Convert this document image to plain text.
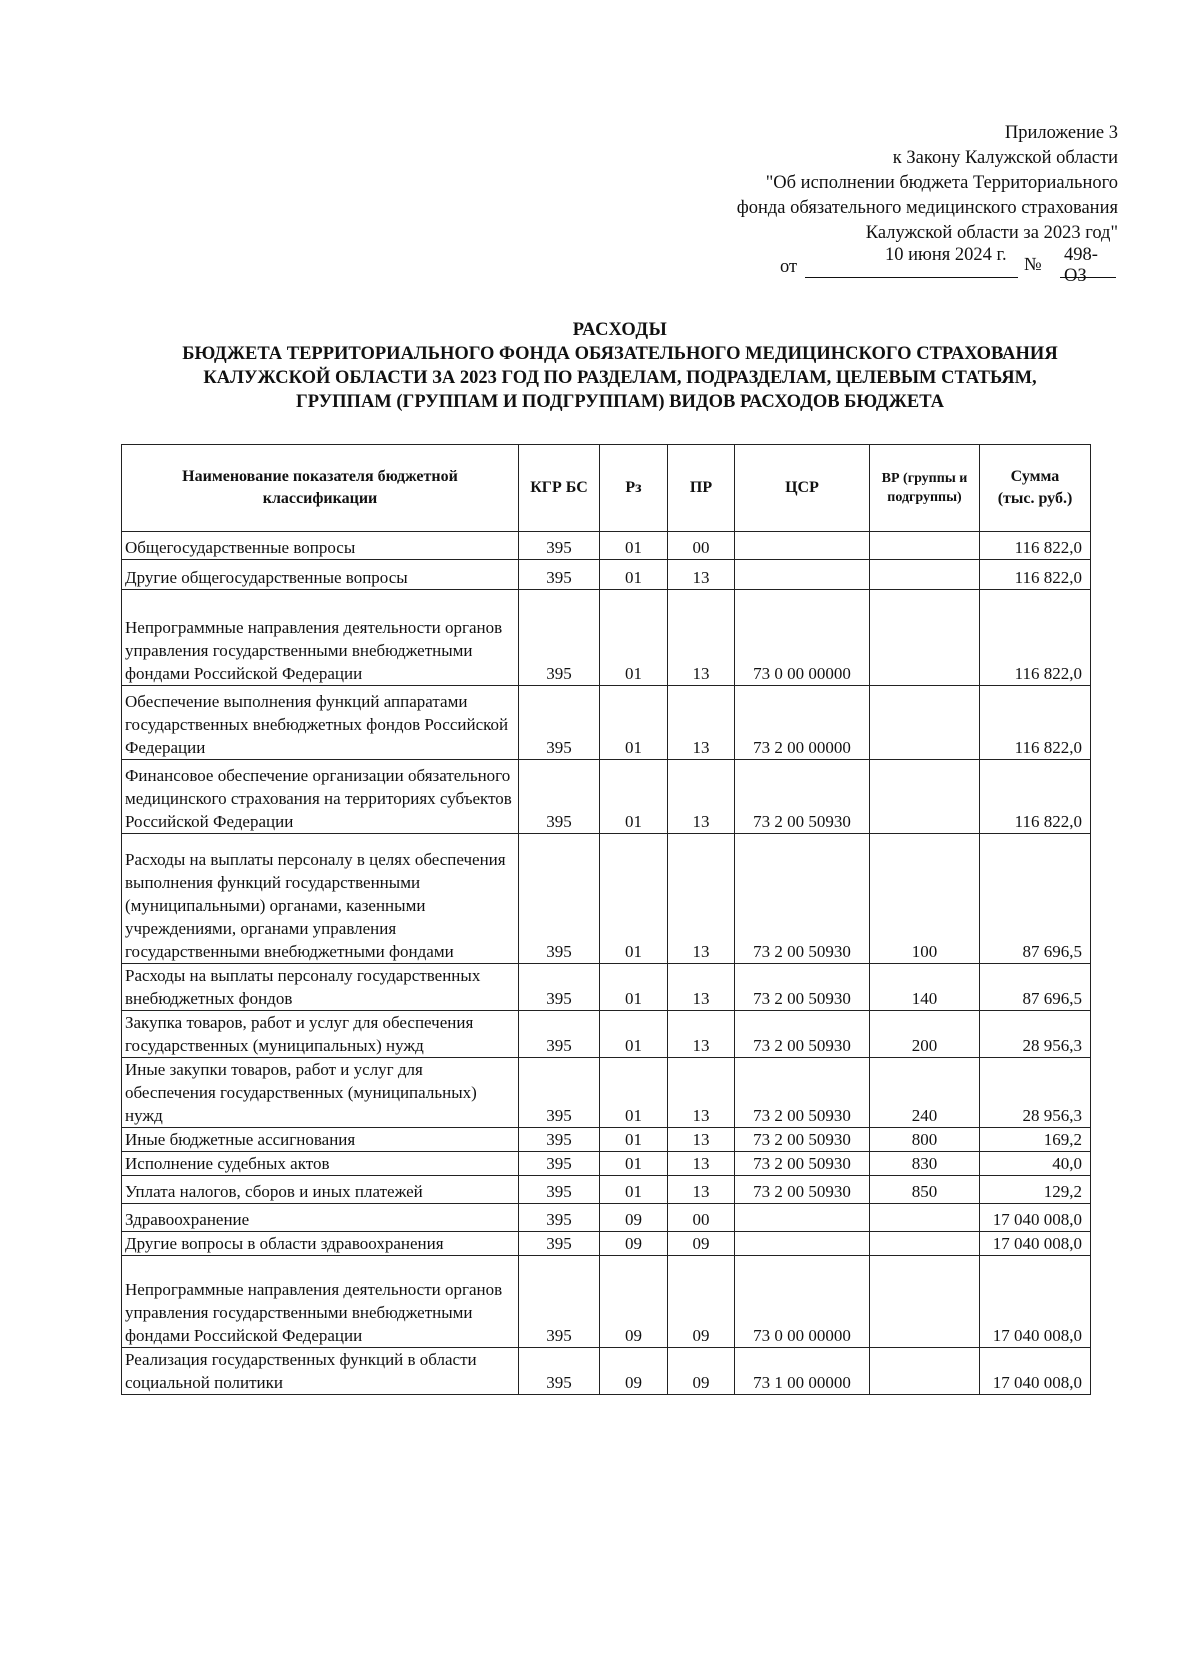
Приложение 3
к Закону Калужской области
"Об исполнении бюджета Территориального
фонда обязательного медицинского страхования
Калужской области за 2023 год"
от
10 июня 2024 г. № 498-ОЗ
РАСХОДЫ
БЮДЖЕТА ТЕРРИТОРИАЛЬНОГО ФОНДА ОБЯЗАТЕЛЬНОГО МЕДИЦИНСКОГО СТРАХОВАНИЯ
КАЛУЖСКОЙ ОБЛАСТИ ЗА 2023 ГОД ПО РАЗДЕЛАМ, ПОДРАЗДЕЛАМ, ЦЕЛЕВЫМ СТАТЬЯМ,
ГРУППАМ (ГРУППАМ И ПОДГРУППАМ) ВИДОВ РАСХОДОВ БЮДЖЕТА
Наименование показателя бюджетной классификации	КГР БС	Рз	ПР	ЦСР	ВР (группы и подгруппы)	Сумма
(тыс. руб.)

Общегосударственные вопросы	395	01	00			116 822,0
Другие общегосударственные вопросы	395	01	13			116 822,0
Непрограммные направления деятельности органов управления государственными внебюджетными фондами Российской Федерации	395	01	13	73 0 00 00000		116 822,0
Обеспечение выполнения функций аппаратами государственных внебюджетных фондов Российской Федерации	395	01	13	73 2 00 00000		116 822,0
Финансовое обеспечение организации обязательного медицинского страхования на территориях субъектов Российской Федерации	395	01	13	73 2 00 50930		116 822,0
Расходы на выплаты персоналу в целях обеспечения выполнения функций государственными (муниципальными) органами, казенными учреждениями, органами управления государственными внебюджетными фондами	395	01	13	73 2 00 50930	100	87 696,5
Расходы на выплаты персоналу государственных внебюджетных фондов	395	01	13	73 2 00 50930	140	87 696,5
Закупка товаров, работ и услуг для обеспечения государственных (муниципальных) нужд	395	01	13	73 2 00 50930	200	28 956,3
Иные закупки товаров, работ и услуг для обеспечения государственных (муниципальных) нужд	395	01	13	73 2 00 50930	240	28 956,3
Иные бюджетные ассигнования	395	01	13	73 2 00 50930	800	169,2
Исполнение судебных актов	395	01	13	73 2 00 50930	830	40,0
Уплата налогов, сборов и иных платежей	395	01	13	73 2 00 50930	850	129,2
Здравоохранение	395	09	00			17 040 008,0
Другие вопросы в области здравоохранения	395	09	09			17 040 008,0
Непрограммные направления деятельности органов управления государственными внебюджетными фондами Российской Федерации	395	09	09	73 0 00 00000		17 040 008,0
Реализация государственных функций в области социальной политики	395	09	09	73 1 00 00000		17 040 008,0
